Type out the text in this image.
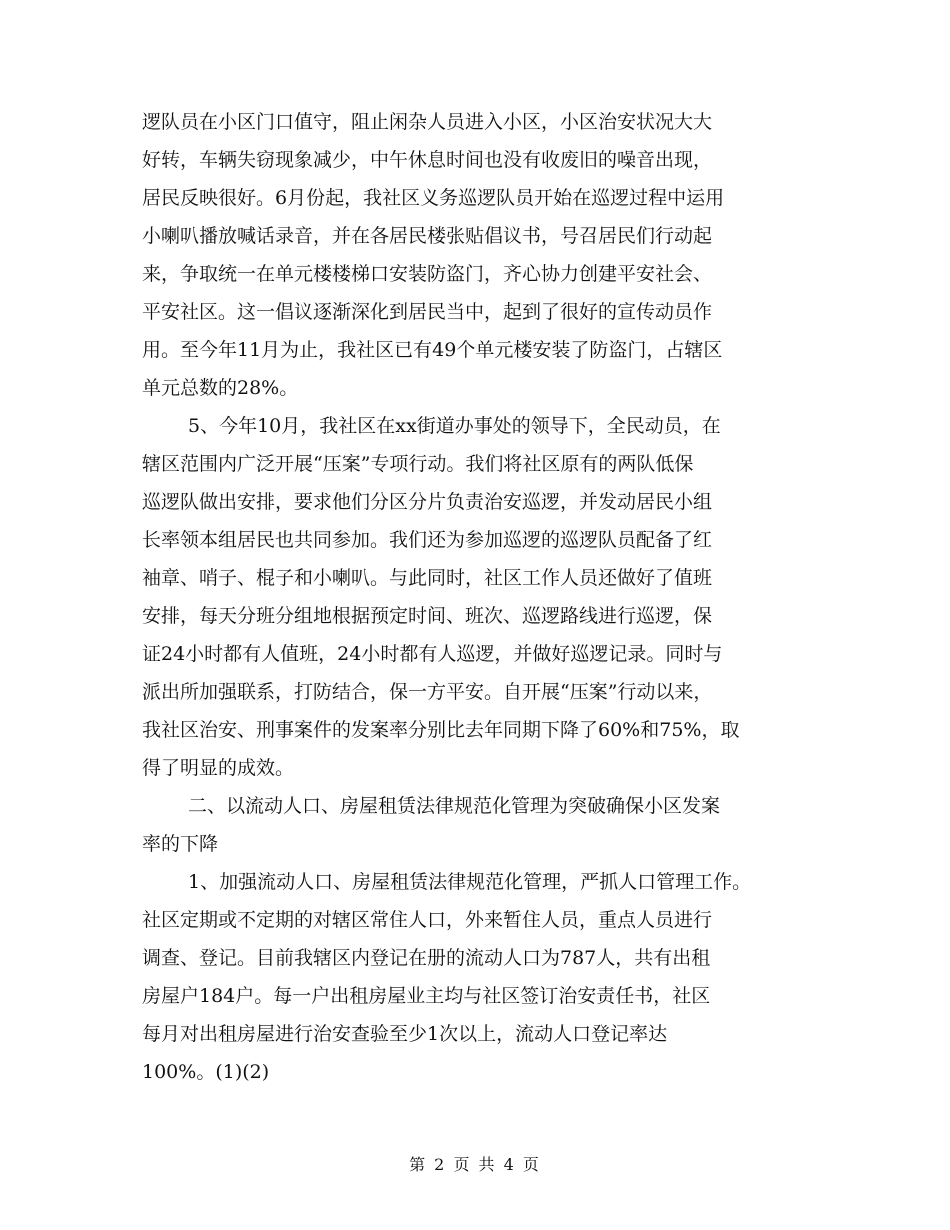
逻队员在小区门口值守，阻止闲杂人员进入小区，小区治安状况大大
好转，车辆失窃现象减少，中午休息时间也没有收废旧的噪音出现，
居民反映很好。6月份起，我社区义务巡逻队员开始在巡逻过程中运用
小喇叭播放喊话录音，并在各居民楼张贴倡议书，号召居民们行动起
来，争取统一在单元楼楼梯口安装防盗门，齐心协力创建平安社会、
平安社区。这一倡议逐渐深化到居民当中，起到了很好的宣传动员作
用。至今年11月为止，我社区已有49个单元楼安装了防盗门，占辖区
单元总数的28%。
5、今年10月，我社区在xx街道办事处的领导下，全民动员，在
辖区范围内广泛开展“压案”专项行动。我们将社区原有的两队低保
巡逻队做出安排，要求他们分区分片负责治安巡逻，并发动居民小组
长率领本组居民也共同参加。我们还为参加巡逻的巡逻队员配备了红
袖章、哨子、棍子和小喇叭。与此同时，社区工作人员还做好了值班
安排，每天分班分组地根据预定时间、班次、巡逻路线进行巡逻，保
证24小时都有人值班，24小时都有人巡逻，并做好巡逻记录。同时与
派出所加强联系，打防结合，保一方平安。自开展“压案”行动以来，
我社区治安、刑事案件的发案率分别比去年同期下降了60%和75%，取
得了明显的成效。
二、以流动人口、房屋租赁法律规范化管理为突破确保小区发案
率的下降
1、加强流动人口、房屋租赁法律规范化管理，严抓人口管理工作。
社区定期或不定期的对辖区常住人口，外来暂住人员，重点人员进行
调查、登记。目前我辖区内登记在册的流动人口为787人，共有出租
房屋户184户。每一户出租房屋业主均与社区签订治安责任书，社区
每月对出租房屋进行治安查验至少1次以上，流动人口登记率达
100%。(1)(2)
第 2 页 共 4 页
